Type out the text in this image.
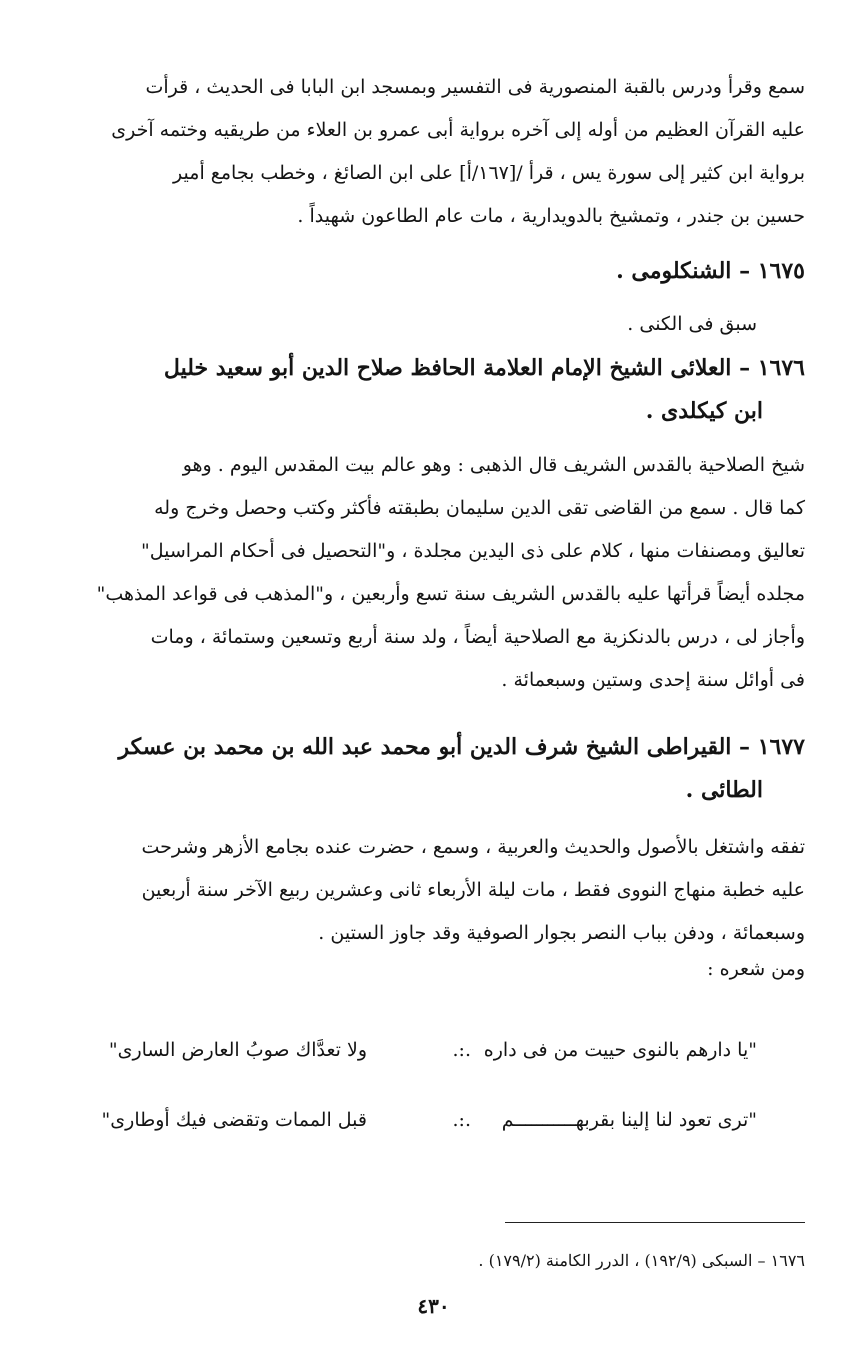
سمع وقرأ ودرس بالقبة المنصورية فى التفسير وبمسجد ابن البابا فى الحديث ، قرأت
عليه القرآن العظيم من أوله إلى آخره برواية أبى عمرو بن العلاء من طريقيه وختمه آخرى
برواية ابن كثير إلى سورة يس ، قرأ /[١٦٧/أ] على ابن الصائغ ، وخطب بجامع أمير
حسين بن جندر ، وتمشيخ بالدويدارية ، مات عام الطاعون شهيداً .
١٦٧٥ – الشنكلومى .
سبق فى الكنى .
١٦٧٦ – العلائى الشيخ الإمام العلامة الحافظ صلاح الدين أبو سعيد خليل
ابن كيكلدى .
شيخ الصلاحية بالقدس الشريف قال الذهبى : وهو عالم بيت المقدس اليوم . وهو
كما قال . سمع من القاضى تقى الدين سليمان بطبقته فأكثر وكتب وحصل وخرج وله
تعاليق ومصنفات منها ، كلام على ذى اليدين مجلدة ، و"التحصيل فى أحكام المراسيل"
مجلده أيضاً قرأتها عليه بالقدس الشريف سنة تسع وأربعين ، و"المذهب فى قواعد المذهب"
وأجاز لى ، درس بالدنكزية مع الصلاحية أيضاً ، ولد سنة أربع وتسعين وستمائة ، ومات
فى أوائل سنة إحدى وستين وسبعمائة .
١٦٧٧ – القيراطى الشيخ شرف الدين أبو محمد عبد الله بن محمد بن عسكر
الطائى .
تفقه واشتغل بالأصول والحديث والعربية ، وسمع ، حضرت عنده بجامع الأزهر وشرحت
عليه خطبة منهاج النووى فقط ، مات ليلة الأربعاء ثانى وعشرين ربيع الآخر سنة أربعين
وسبعمائة ، ودفن بباب النصر بجوار الصوفية وقد جاوز الستين .
ومن شعره :
"يا دارهم بالنوى حييت من فى داره
.:.
ولا تعدَّاك صوبُ العارض السارى"
"ترى تعود لنا إلينا بقربهـــــــــــم
.:.
قبل الممات وتقضى فيك أوطارى"
١٦٧٦ – السبكى (١٩٢/٩) ، الدرر الكامنة (١٧٩/٢) .
٤٣٠
